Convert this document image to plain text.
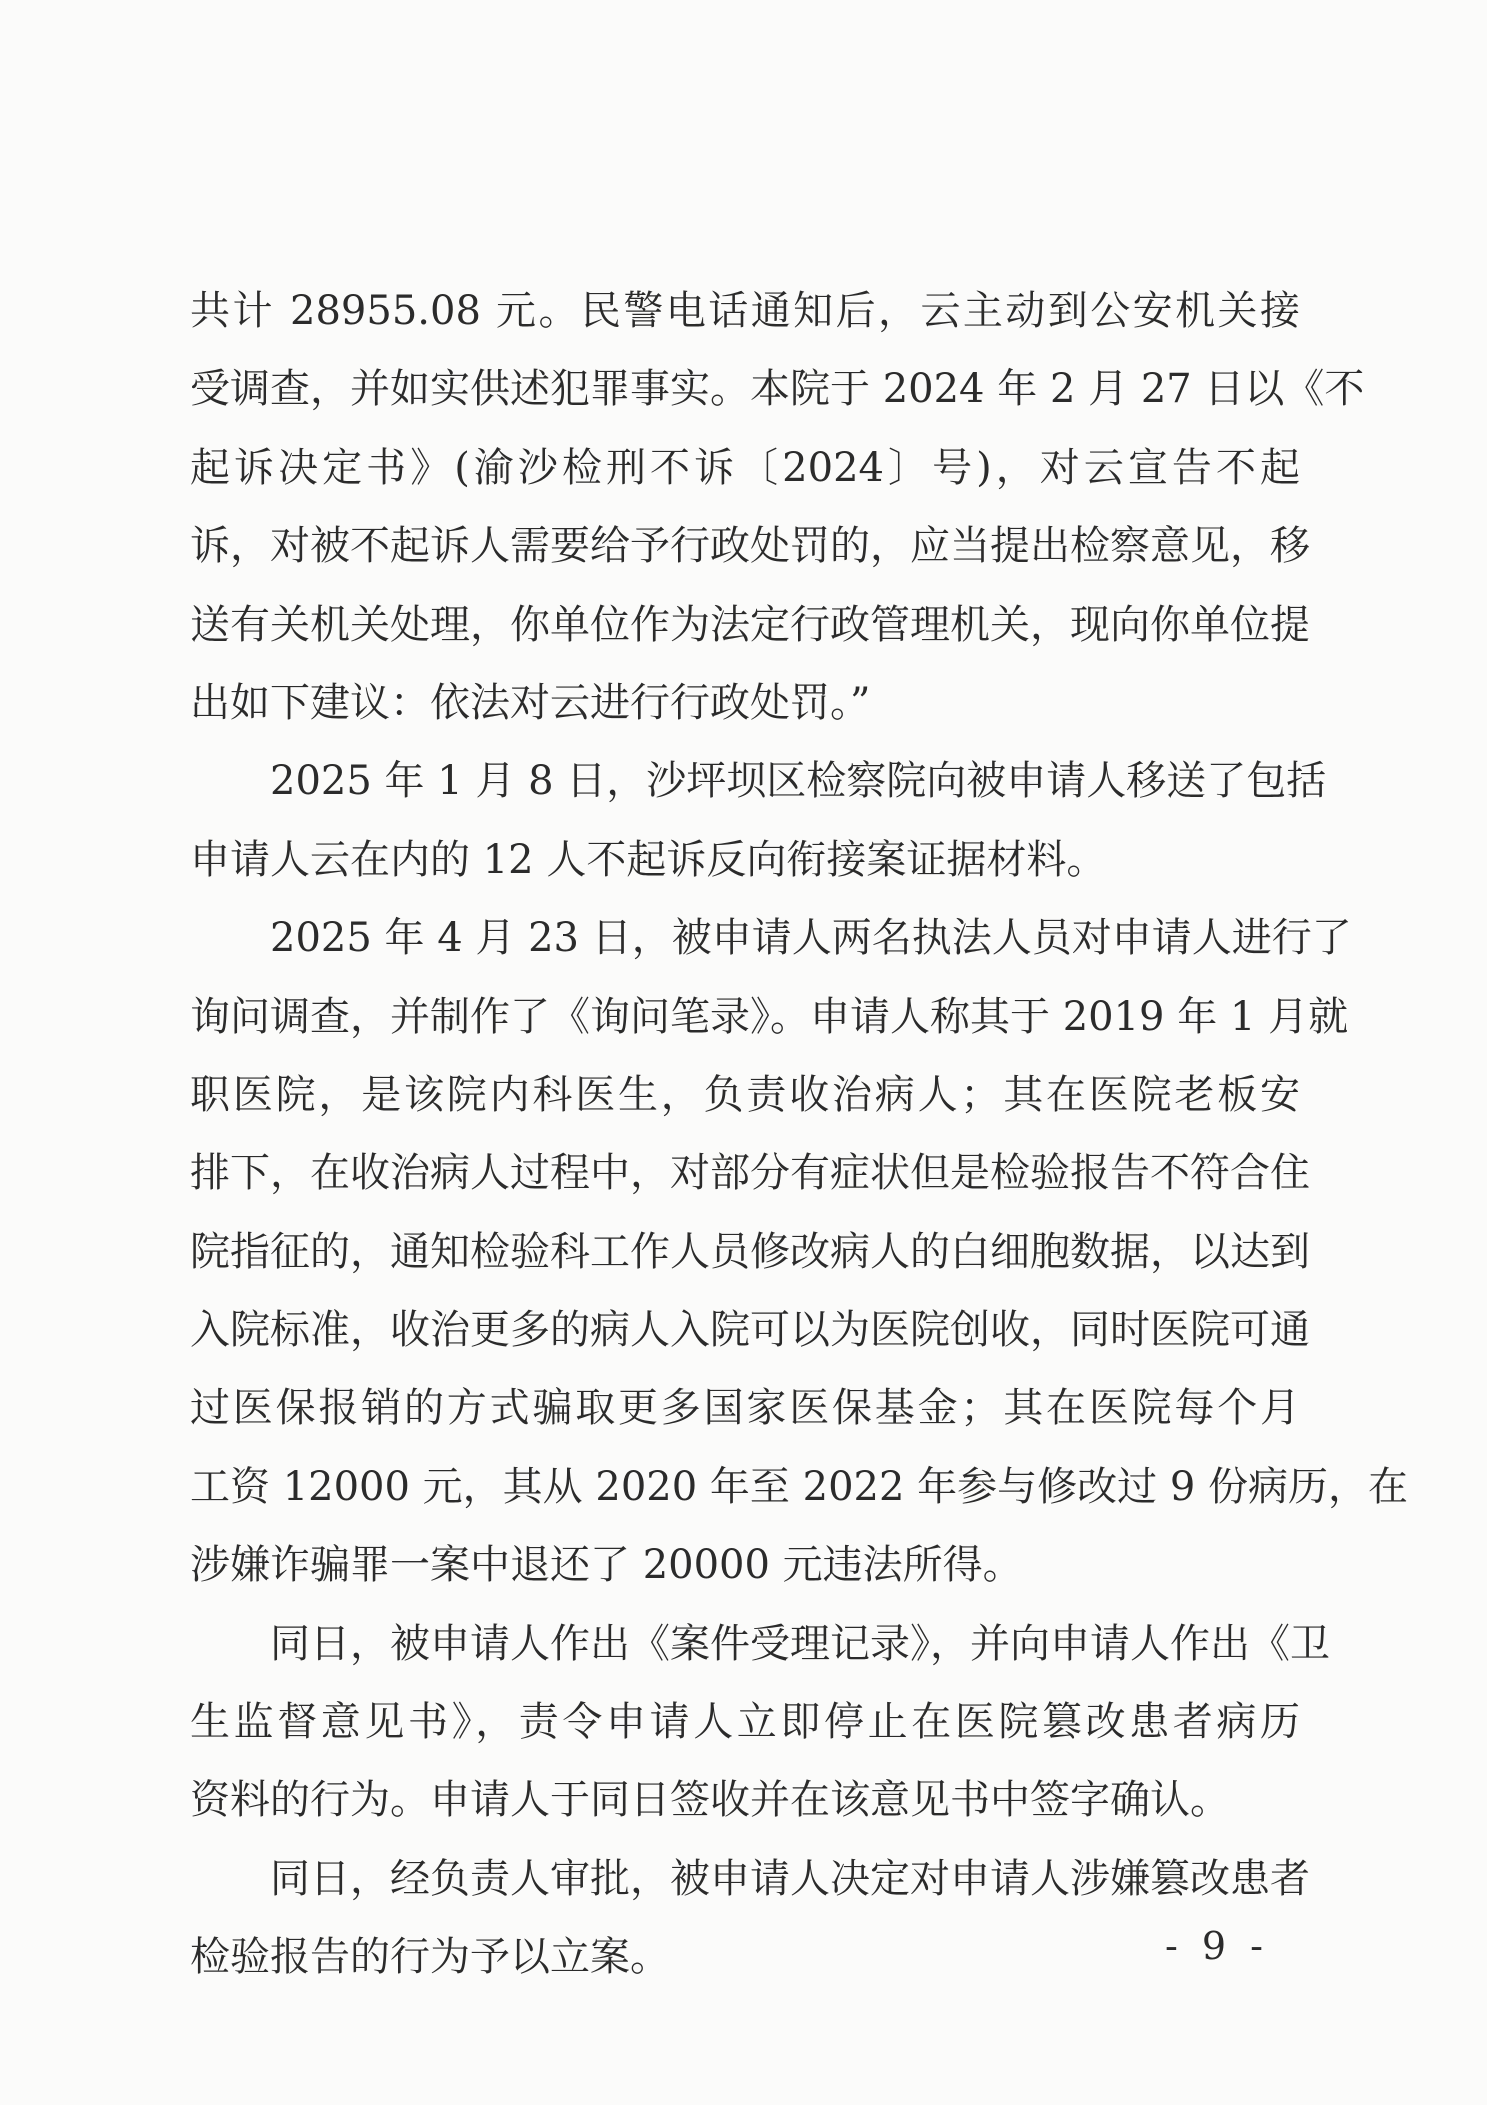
共计 28955.08 元。民警电话通知后，云主动到公安机关接
受调查，并如实供述犯罪事实。本院于 2024 年 2 月 27 日以《不
起诉决定书》(渝沙检刑不诉〔2024〕号)，对云宣告不起
诉，对被不起诉人需要给予行政处罚的，应当提出检察意见，移
送有关机关处理，你单位作为法定行政管理机关，现向你单位提
出如下建议：依法对云进行行政处罚。”
2025 年 1 月 8 日，沙坪坝区检察院向被申请人移送了包括
申请人云在内的 12 人不起诉反向衔接案证据材料。
2025 年 4 月 23 日，被申请人两名执法人员对申请人进行了
询问调查，并制作了《询问笔录》。申请人称其于 2019 年 1 月就
职医院，是该院内科医生，负责收治病人；其在医院老板安
排下，在收治病人过程中，对部分有症状但是检验报告不符合住
院指征的，通知检验科工作人员修改病人的白细胞数据，以达到
入院标准，收治更多的病人入院可以为医院创收，同时医院可通
过医保报销的方式骗取更多国家医保基金；其在医院每个月
工资 12000 元，其从 2020 年至 2022 年参与修改过 9 份病历，在
涉嫌诈骗罪一案中退还了 20000 元违法所得。
同日，被申请人作出《案件受理记录》，并向申请人作出《卫
生监督意见书》，责令申请人立即停止在医院篡改患者病历
资料的行为。申请人于同日签收并在该意见书中签字确认。
同日，经负责人审批，被申请人决定对申请人涉嫌篡改患者
检验报告的行为予以立案。	- 9 -
